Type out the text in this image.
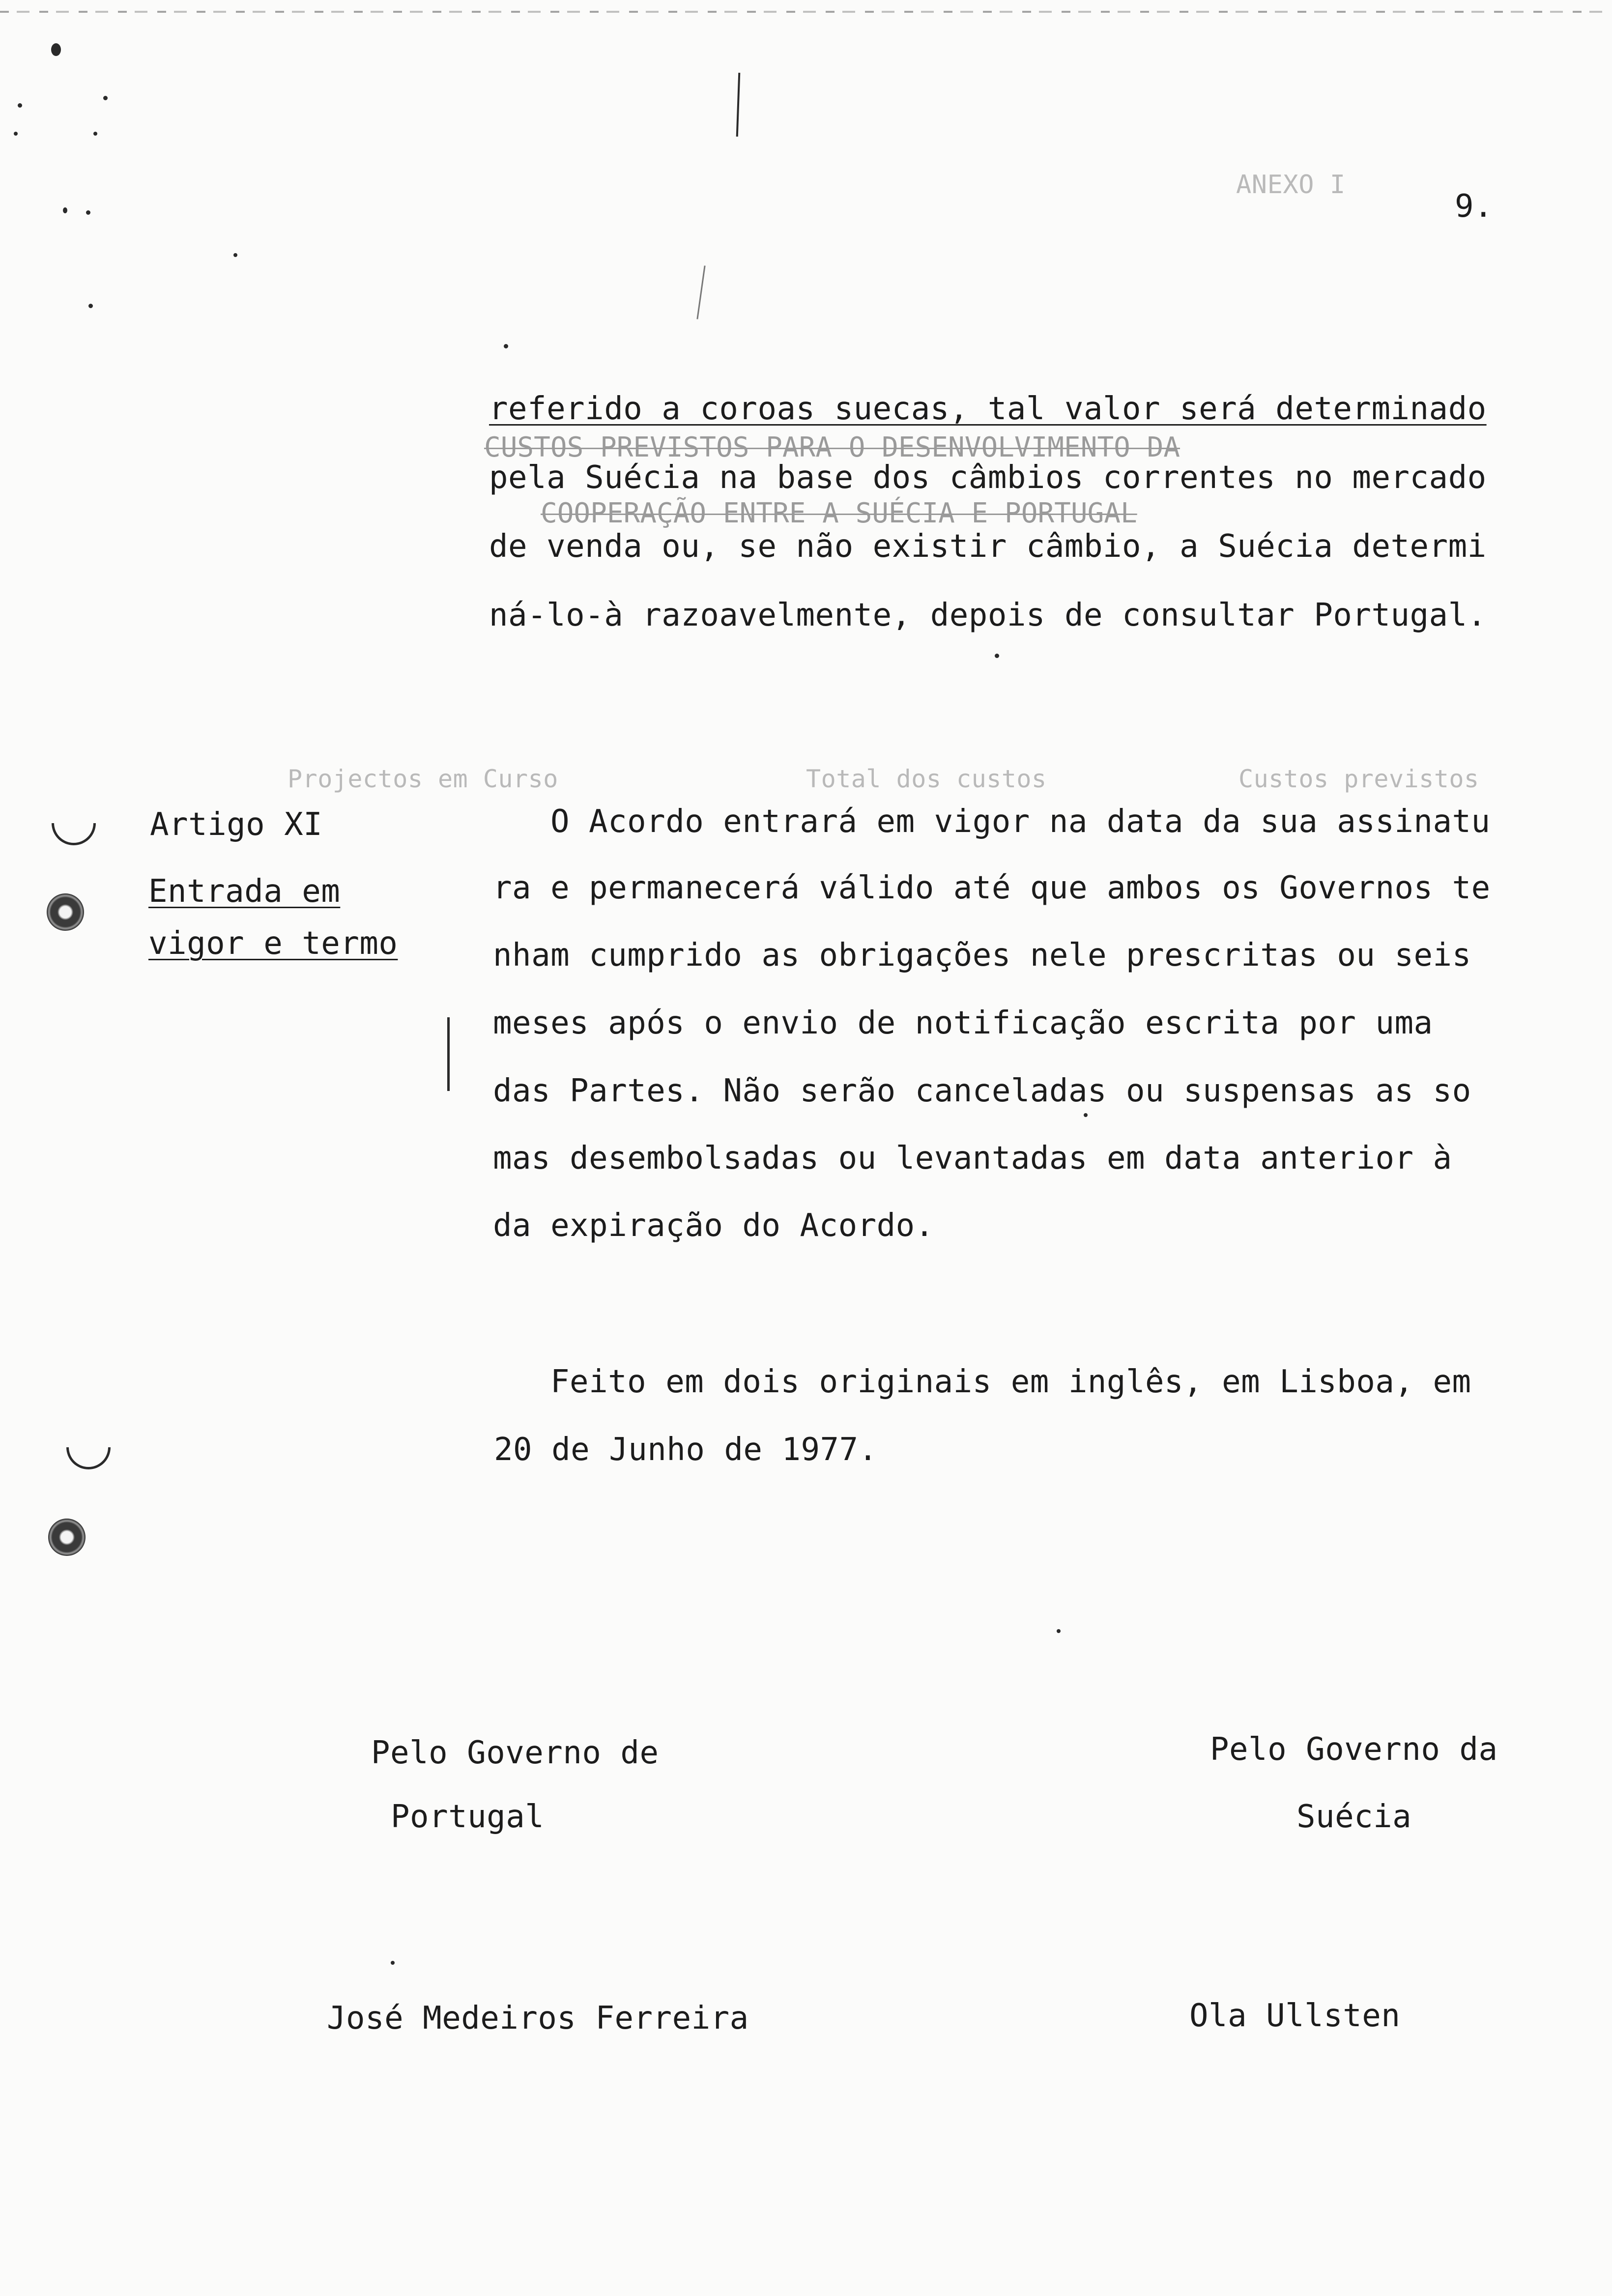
ANEXO I
9.
CUSTOS PREVISTOS PARA O DESENVOLVIMENTO DA
COOPERAÇÃO ENTRE A SUÉCIA E PORTUGAL
referido a coroas suecas, tal valor será determinado
pela Suécia na base dos câmbios correntes no mercado
de venda ou, se não existir câmbio, a Suécia determi
ná-lo-à razoavelmente, depois de consultar Portugal.
Projectos em Curso	Total dos custos	Custos previstos
Artigo XI
Entrada em
vigor e termo
O Acordo entrará em vigor na data da sua assinatu
ra e permanecerá válido até que ambos os Governos te
nham cumprido as obrigações nele prescritas ou seis
meses após o envio de notificação escrita por uma
das Partes. Não serão canceladas ou suspensas as so
mas desembolsadas ou levantadas em data anterior à
da expiração do Acordo.
Feito em dois originais em inglês, em Lisboa, em
20 de Junho de 1977.
Pelo Governo de
Portugal
José Medeiros Ferreira
Pelo Governo da
Suécia
Ola Ullsten
